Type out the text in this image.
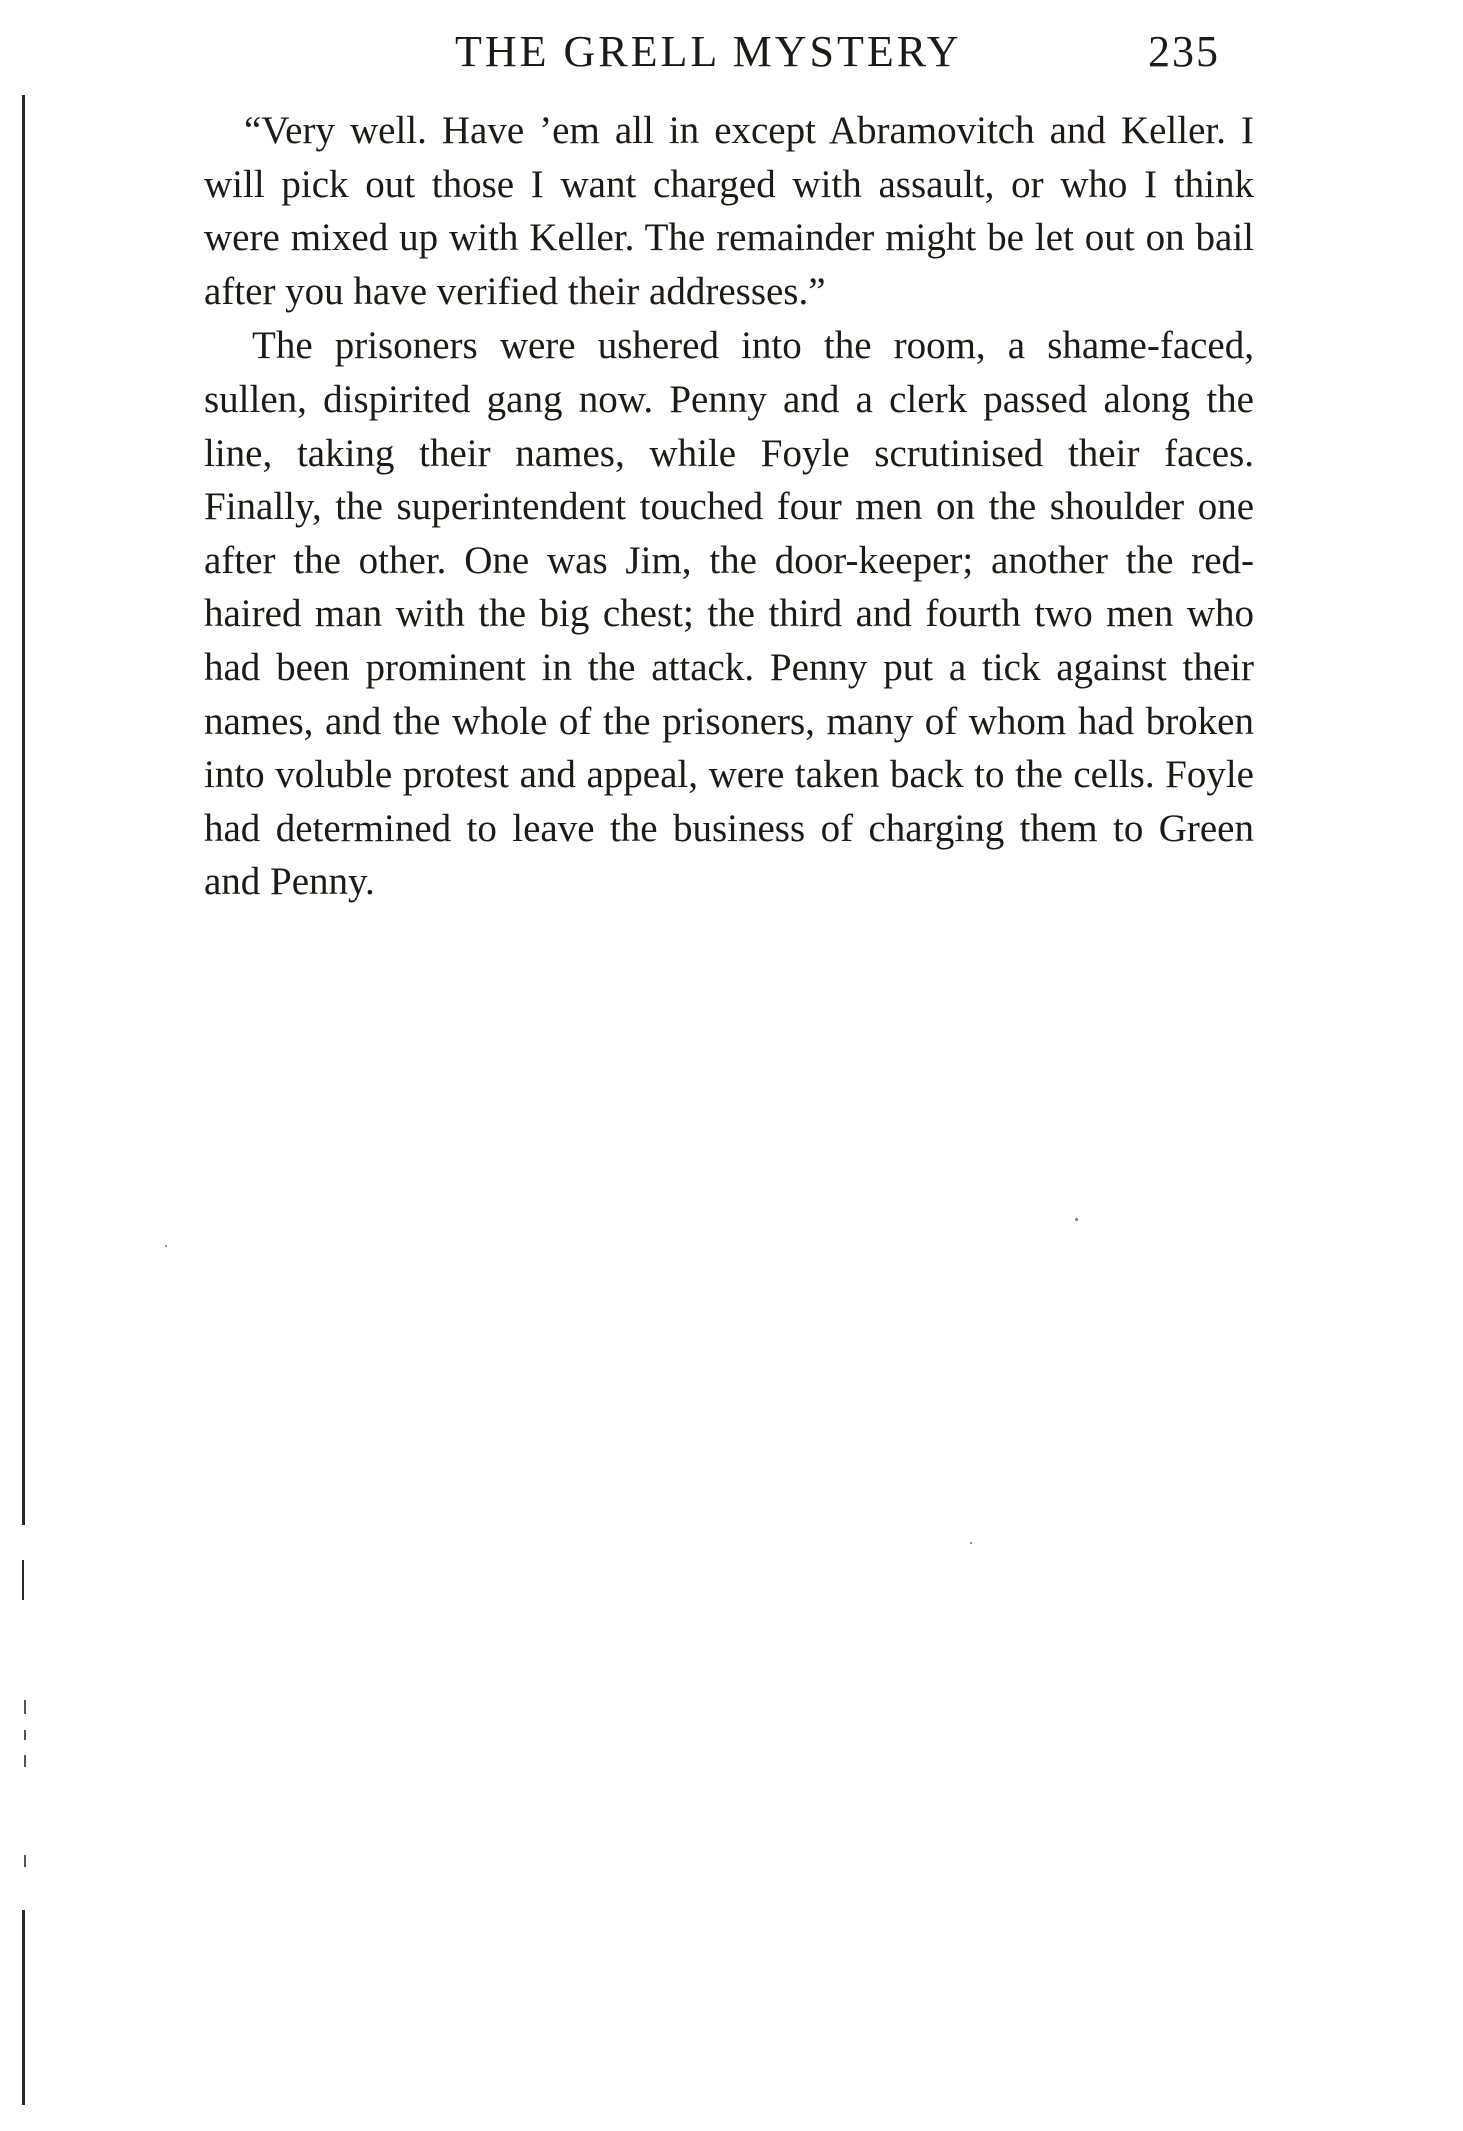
THE GRELL MYSTERY	235

“Very well. Have ’em all in except Abramovitch and Keller. I will pick out those I want charged with assault, or who I think were mixed up with Keller. The remainder might be let out on bail after you have verified their addresses.”

The prisoners were ushered into the room, a shame-faced, sullen, dispirited gang now. Penny and a clerk passed along the line, taking their names, while Foyle scrutinised their faces. Finally, the superintendent touched four men on the shoulder one after the other. One was Jim, the door-keeper; another the red-haired man with the big chest; the third and fourth two men who had been prominent in the attack. Penny put a tick against their names, and the whole of the prisoners, many of whom had broken into voluble protest and appeal, were taken back to the cells. Foyle had determined to leave the business of charging them to Green and Penny.
